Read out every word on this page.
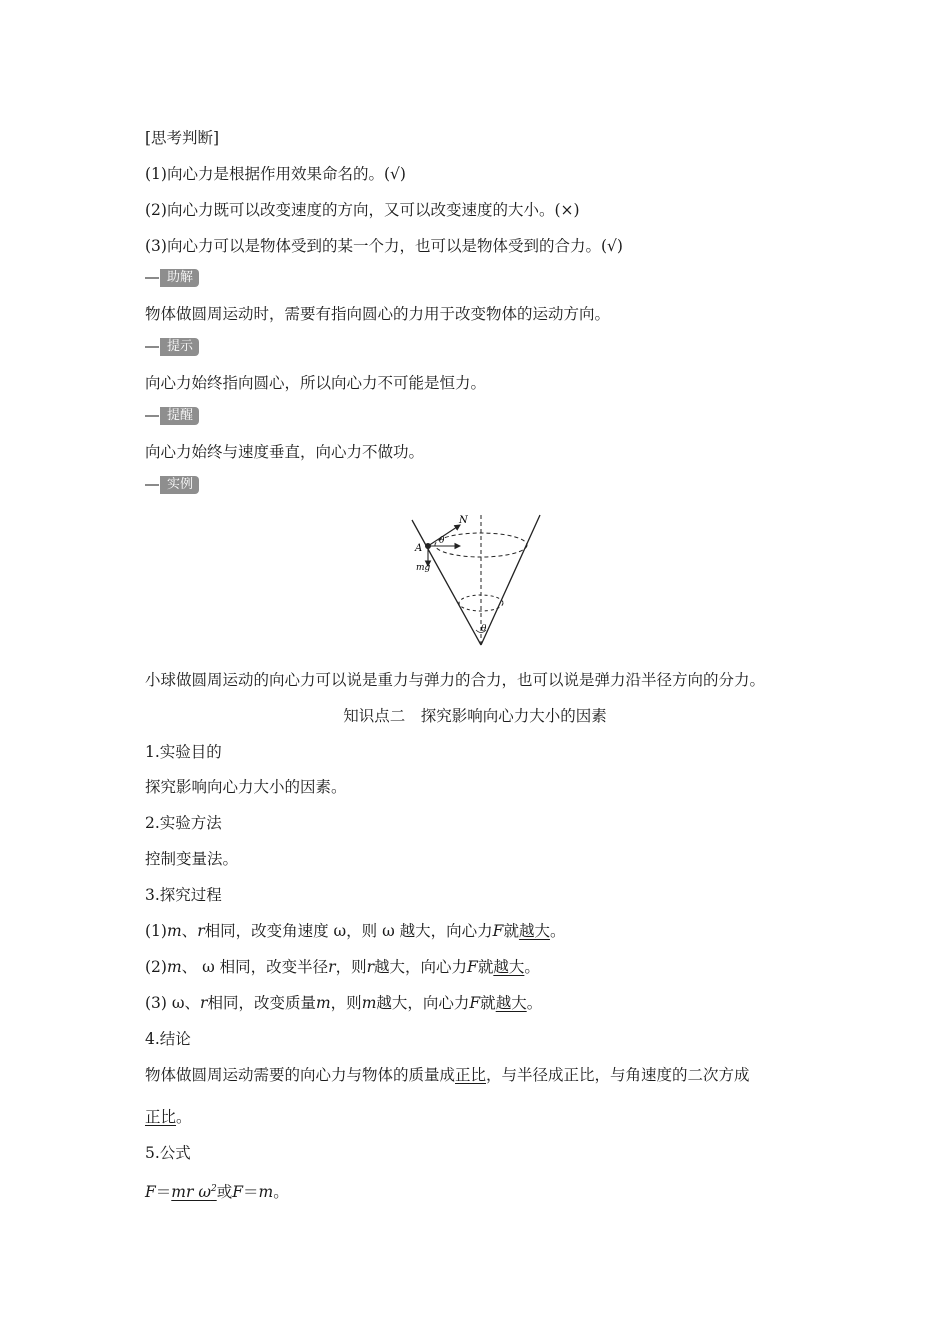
[思考判断]
(1)向心力是根据作用效果命名的。(√)
(2)向心力既可以改变速度的方向，又可以改变速度的大小。(×)
(3)向心力可以是物体受到的某一个力，也可以是物体受到的合力。(√)
助解
物体做圆周运动时，需要有指向圆心的力用于改变物体的运动方向。
提示
向心力始终指向圆心，所以向心力不可能是恒力。
提醒
向心力始终与速度垂直，向心力不做功。
实例
N
θ
A
mg
θ
小球做圆周运动的向心力可以说是重力与弹力的合力，也可以说是弹力沿半径方向的分力。
知识点二　探究影响向心力大小的因素
1.实验目的
探究影响向心力大小的因素。
2.实验方法
控制变量法。
3.探究过程
(1)m、r相同，改变角速度 ω，则 ω 越大，向心力F就越大。
(2)m、 ω 相同，改变半径r，则r越大，向心力F就越大。
(3) ω、r相同，改变质量m，则m越大，向心力F就越大。
4.结论
物体做圆周运动需要的向心力与物体的质量成正比，与半径成正比，与角速度的二次方成
正比。
5.公式
F＝mr $\omega^2$或F＝m。
